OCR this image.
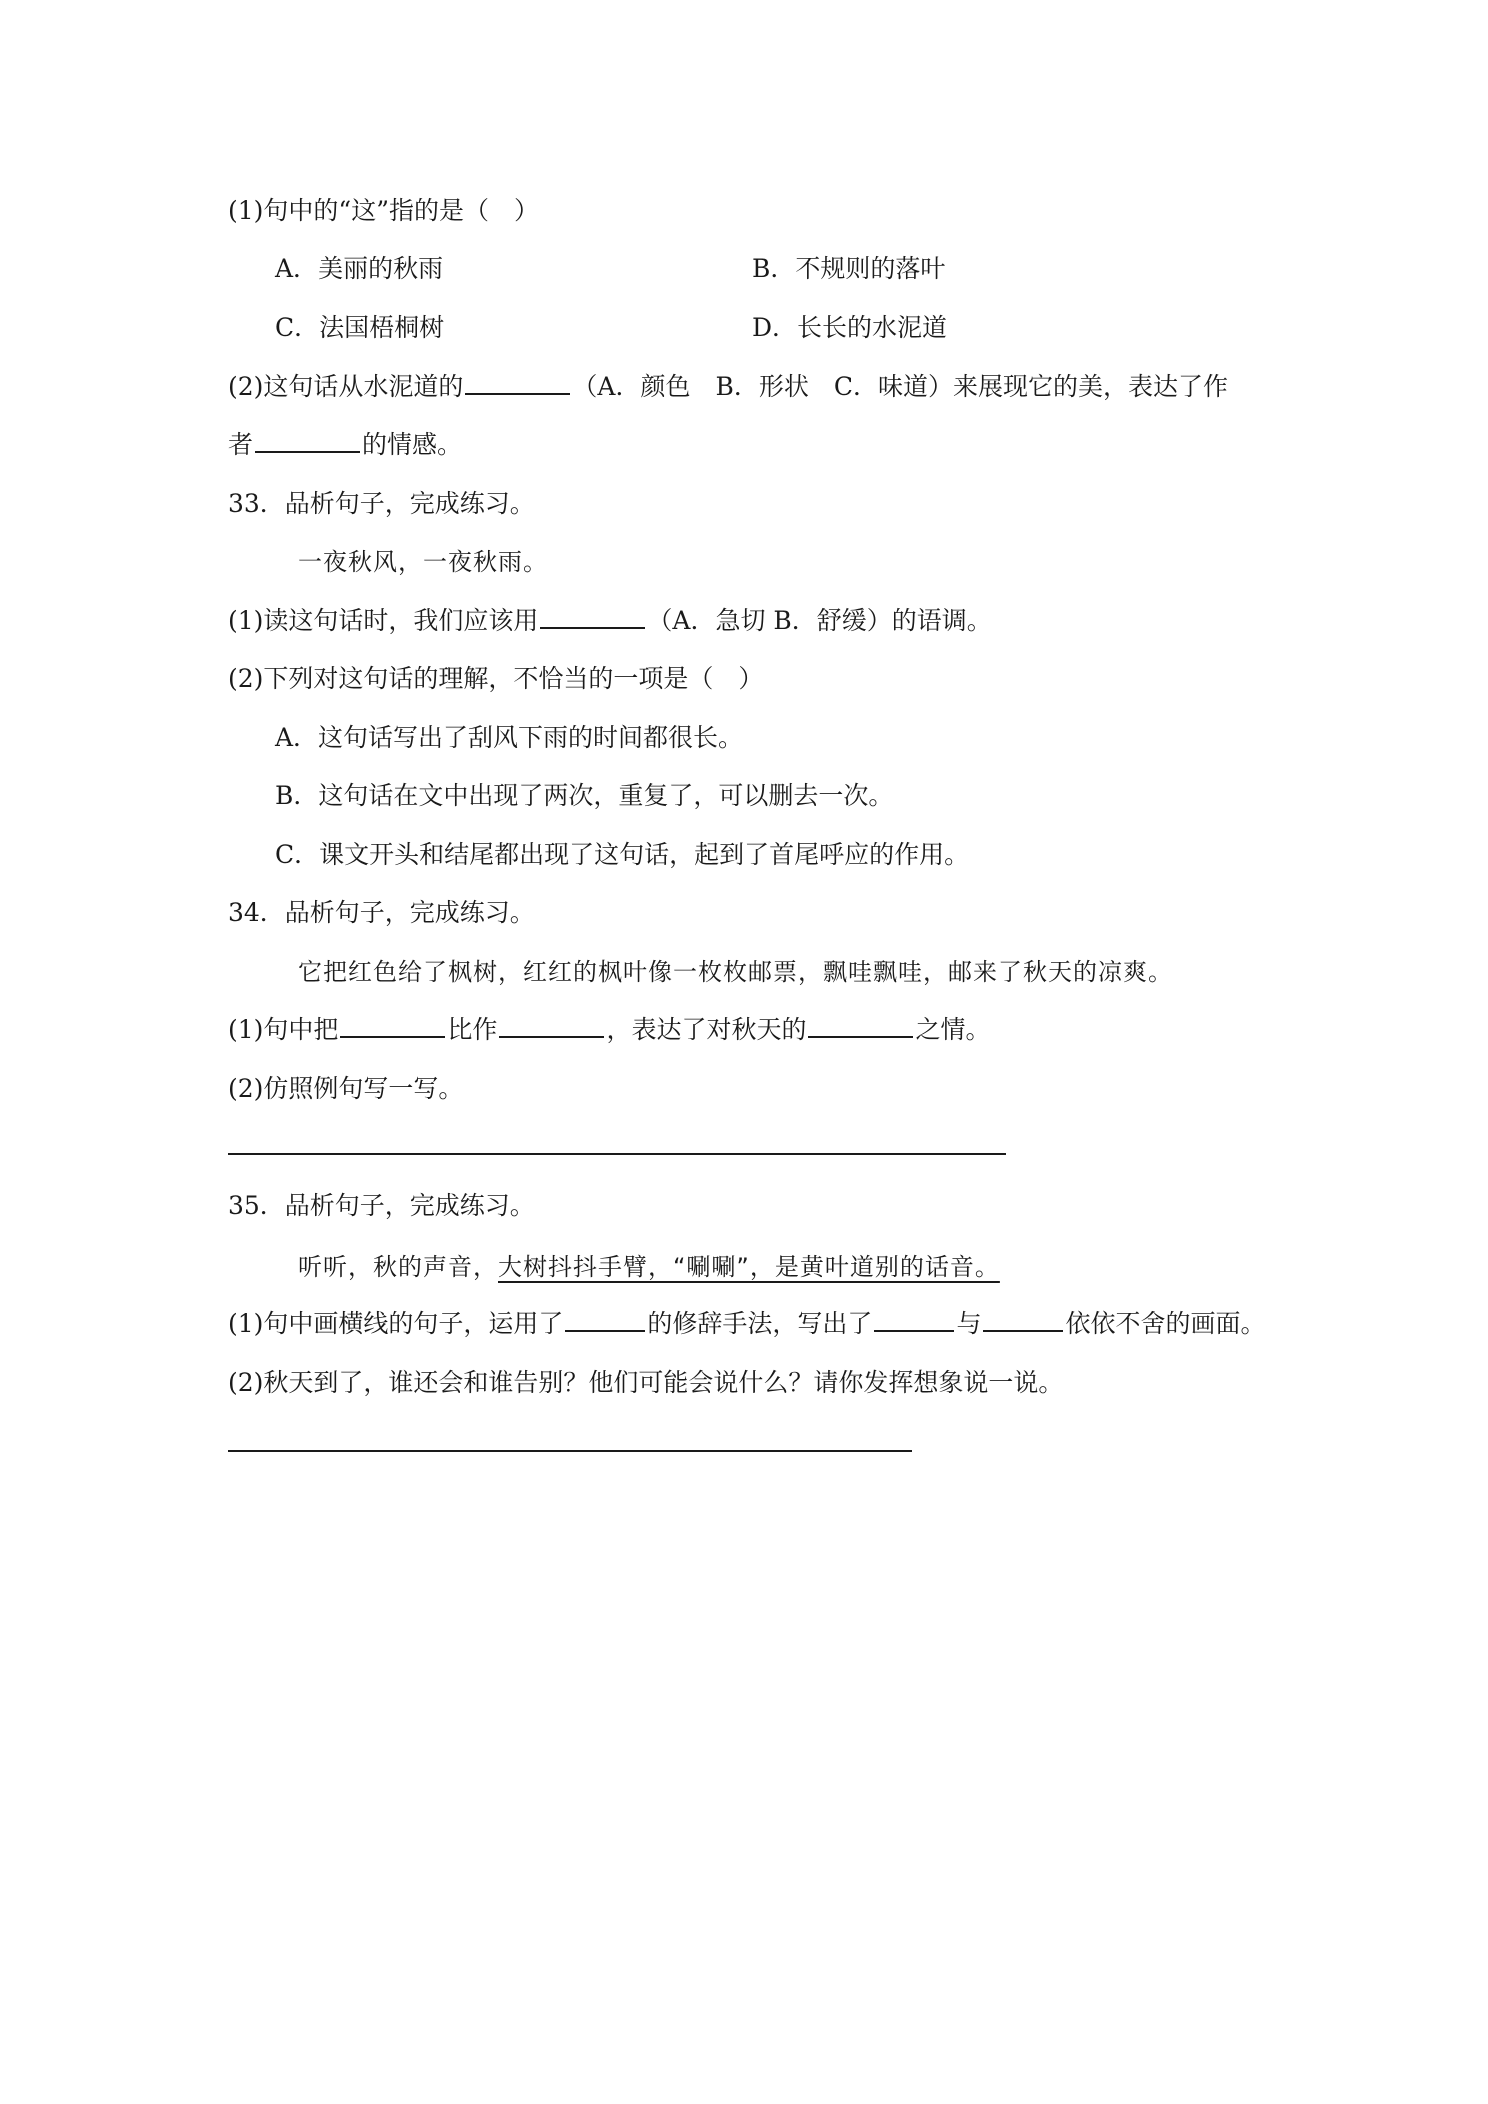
(1)句中的“这”指的是（　）
A．美丽的秋雨	B．不规则的落叶
C．法国梧桐树	D．长长的水泥道
(2)这句话从水泥道的	（A．颜色　B．形状　C．味道）来展现它的美，表达了作
者	的情感。
33．品析句子，完成练习。
一夜秋风，一夜秋雨。
(1)读这句话时，我们应该用	（A．急切 B．舒缓）的语调。
(2)下列对这句话的理解，不恰当的一项是（　）
A．这句话写出了刮风下雨的时间都很长。
B．这句话在文中出现了两次，重复了，可以删去一次。
C．课文开头和结尾都出现了这句话，起到了首尾呼应的作用。
34．品析句子，完成练习。
它把红色给了枫树，红红的枫叶像一枚枚邮票，飘哇飘哇，邮来了秋天的凉爽。
(1)句中把	比作	，表达了对秋天的	之情。
(2)仿照例句写一写。
35．品析句子，完成练习。
听听，秋的声音，大树抖抖手臂，“唰唰”，是黄叶道别的话音。
(1)句中画横线的句子，运用了	的修辞手法，写出了	与	依依不舍的画面。
(2)秋天到了，谁还会和谁告别？他们可能会说什么？请你发挥想象说一说。
